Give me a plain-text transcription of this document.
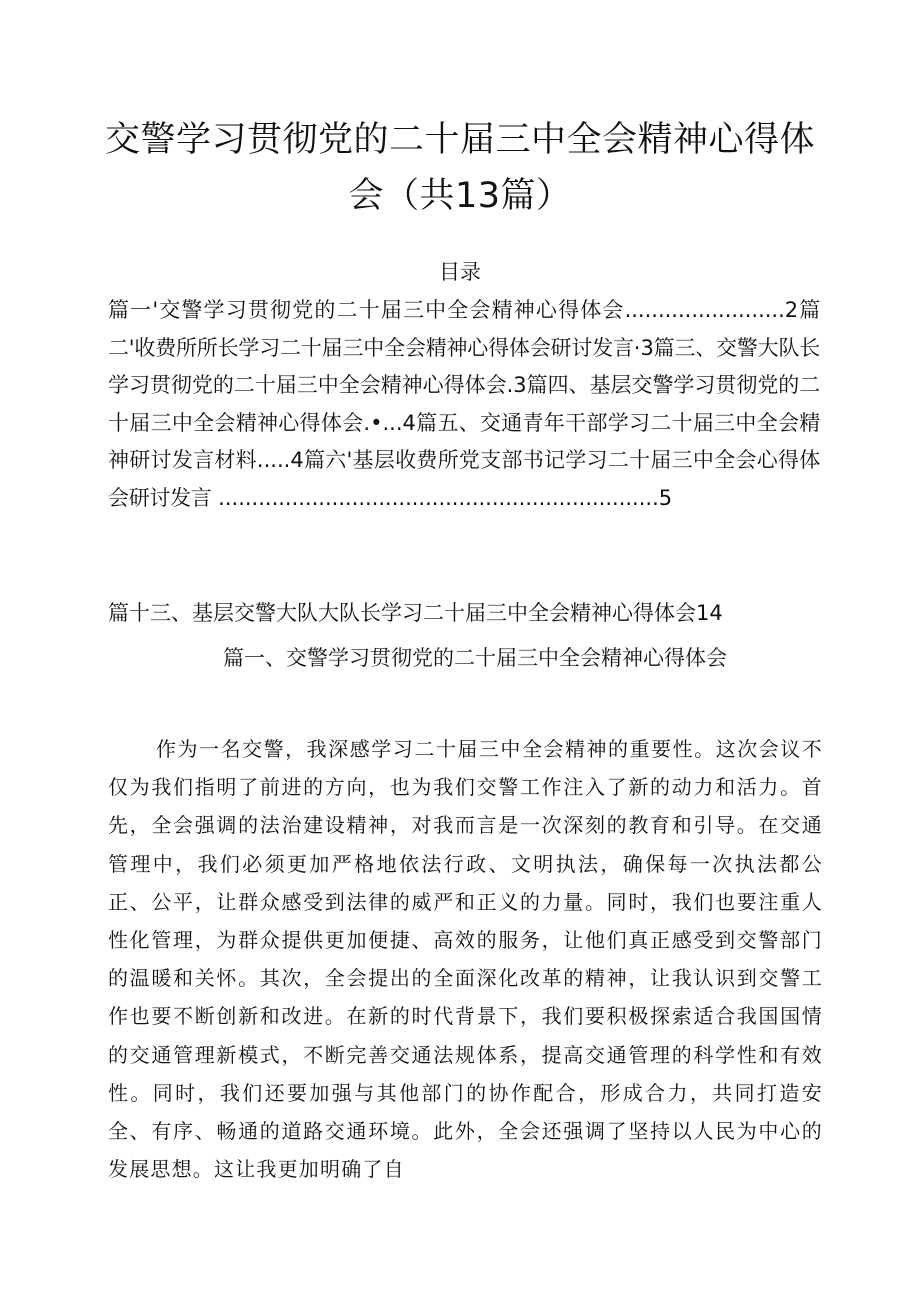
交警学习贯彻党的二十届三中全会精神心得体
会（共13篇）
目录
篇一'交警学习贯彻党的二十届三中全会精神心得体会........................2篇二'收费所所长学习二十届三中全会精神心得体会研讨发言·3篇三、交警大队长学习贯彻党的二十届三中全会精神心得体会.3篇四、基层交警学习贯彻党的二十届三中全会精神心得体会.•...4篇五、交通青年干部学习二十届三中全会精神研讨发言材料.....4篇六'基层收费所党支部书记学习二十届三中全会心得体会研讨发言 ..................................................................5
篇十三、基层交警大队大队长学习二十届三中全会精神心得体会14
篇一、交警学习贯彻党的二十届三中全会精神心得体会

作为一名交警，我深感学习二十届三中全会精神的重要性。这次会议不仅为我们指明了前进的方向，也为我们交警工作注入了新的动力和活力。首先，全会强调的法治建设精神，对我而言是一次深刻的教育和引导。在交通管理中，我们必须更加严格地依法行政、文明执法，确保每一次执法都公正、公平，让群众感受到法律的威严和正义的力量。同时，我们也要注重人性化管理，为群众提供更加便捷、高效的服务，让他们真正感受到交警部门的温暖和关怀。其次，全会提出的全面深化改革的精神，让我认识到交警工作也要不断创新和改进。在新的时代背景下，我们要积极探索适合我国国情的交通管理新模式，不断完善交通法规体系，提高交通管理的科学性和有效性。同时，我们还要加强与其他部门的协作配合，形成合力，共同打造安全、有序、畅通的道路交通环境。此外，全会还强调了坚持以人民为中心的发展思想。这让我更加明确了自
